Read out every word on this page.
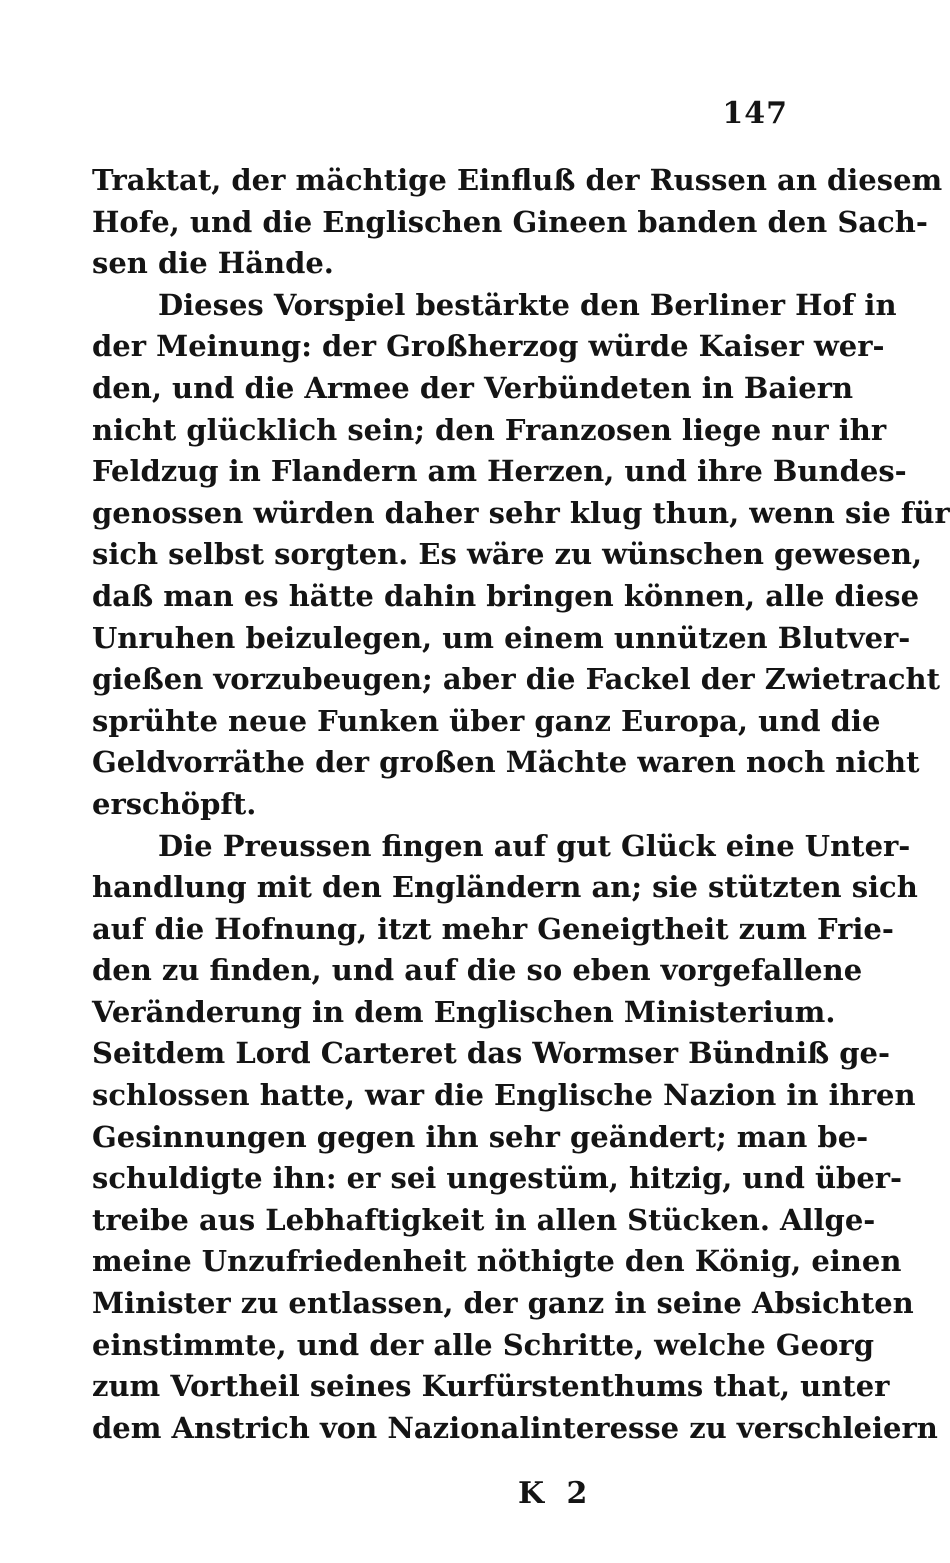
147
Traktat, der mächtige Einfluß der Russen an diesem
Hofe, und die Englischen Gineen banden den Sach-
sen die Hände.
Dieses Vorspiel bestärkte den Berliner Hof in
der Meinung: der Großherzog würde Kaiser wer-
den, und die Armee der Verbündeten in Baiern
nicht glücklich sein; den Franzosen liege nur ihr
Feldzug in Flandern am Herzen, und ihre Bundes-
genossen würden daher sehr klug thun, wenn sie für
sich selbst sorgten. Es wäre zu wünschen gewesen,
daß man es hätte dahin bringen können, alle diese
Unruhen beizulegen, um einem unnützen Blutver-
gießen vorzubeugen; aber die Fackel der Zwietracht
sprühte neue Funken über ganz Europa, und die
Geldvorräthe der großen Mächte waren noch nicht
erschöpft.
Die Preussen fingen auf gut Glück eine Unter-
handlung mit den Engländern an; sie stützten sich
auf die Hofnung, itzt mehr Geneigtheit zum Frie-
den zu finden, und auf die so eben vorgefallene
Veränderung in dem Englischen Ministerium.
Seitdem Lord Carteret das Wormser Bündniß ge-
schlossen hatte, war die Englische Nazion in ihren
Gesinnungen gegen ihn sehr geändert; man be-
schuldigte ihn: er sei ungestüm, hitzig, und über-
treibe aus Lebhaftigkeit in allen Stücken. Allge-
meine Unzufriedenheit nöthigte den König, einen
Minister zu entlassen, der ganz in seine Absichten
einstimmte, und der alle Schritte, welche Georg
zum Vortheil seines Kurfürstenthums that, unter
dem Anstrich von Nazionalinteresse zu verschleiern
K 2
